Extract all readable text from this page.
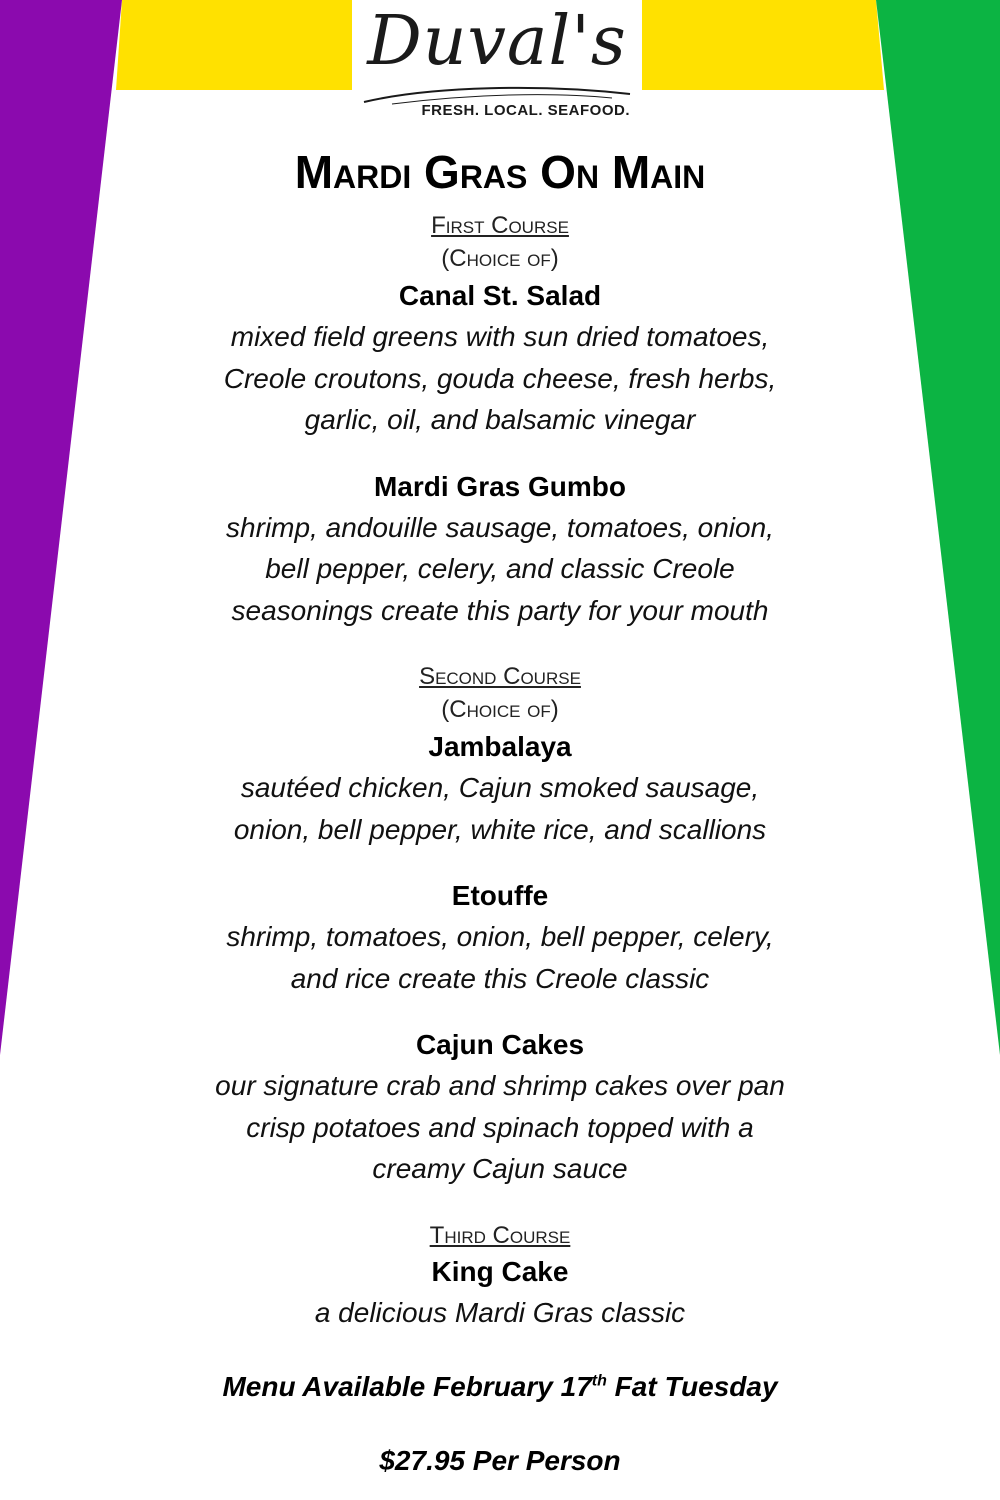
Duval's
FRESH. LOCAL. SEAFOOD.
Mardi Gras On Main
First Course
(Choice of)
Canal St. Salad
mixed field greens with sun dried tomatoes,
Creole croutons, gouda cheese, fresh herbs,
garlic, oil, and balsamic vinegar
Mardi Gras Gumbo
shrimp, andouille sausage, tomatoes, onion,
bell pepper, celery, and classic Creole
seasonings create this party for your mouth
Second Course
(Choice of)
Jambalaya
sautéed chicken, Cajun smoked sausage,
onion, bell pepper, white rice, and scallions
Etouffe
shrimp, tomatoes, onion, bell pepper, celery,
and rice create this Creole classic
Cajun Cakes
our signature crab and shrimp cakes over pan
crisp potatoes and spinach topped with a
creamy Cajun sauce
Third Course
King Cake
a delicious Mardi Gras classic
Menu Available February 17th Fat Tuesday
$27.95 Per Person
